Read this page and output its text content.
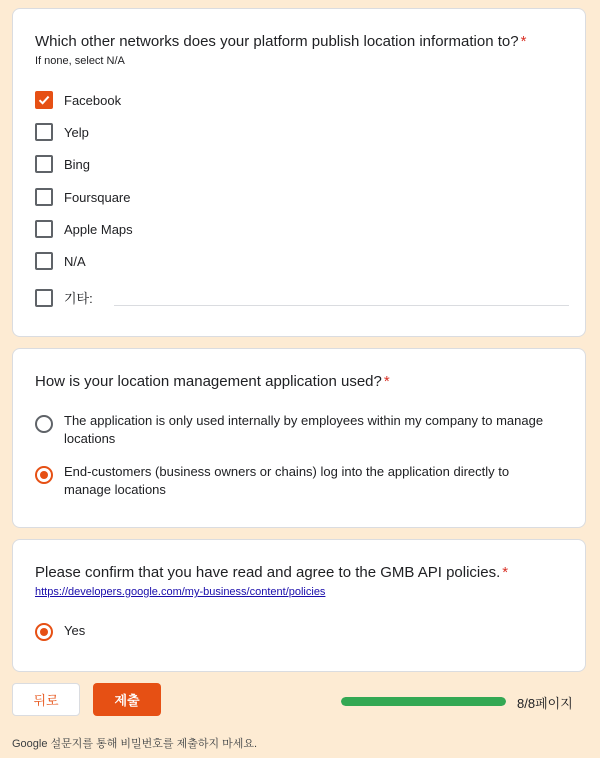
Which other networks does your platform publish location information to? *
If none, select N/A
Facebook
Yelp
Bing
Foursquare
Apple Maps
N/A
기타:
How is your location management application used? *
The application is only used internally by employees within my company to manage locations
End-customers (business owners or chains) log into the application directly to manage locations
Please confirm that you have read and agree to the GMB API policies. *
https://developers.google.com/my-business/content/policies
Yes
뒤로	제출	8/8페이지
Google 설문지를 통해 비밀번호를 제출하지 마세요.
